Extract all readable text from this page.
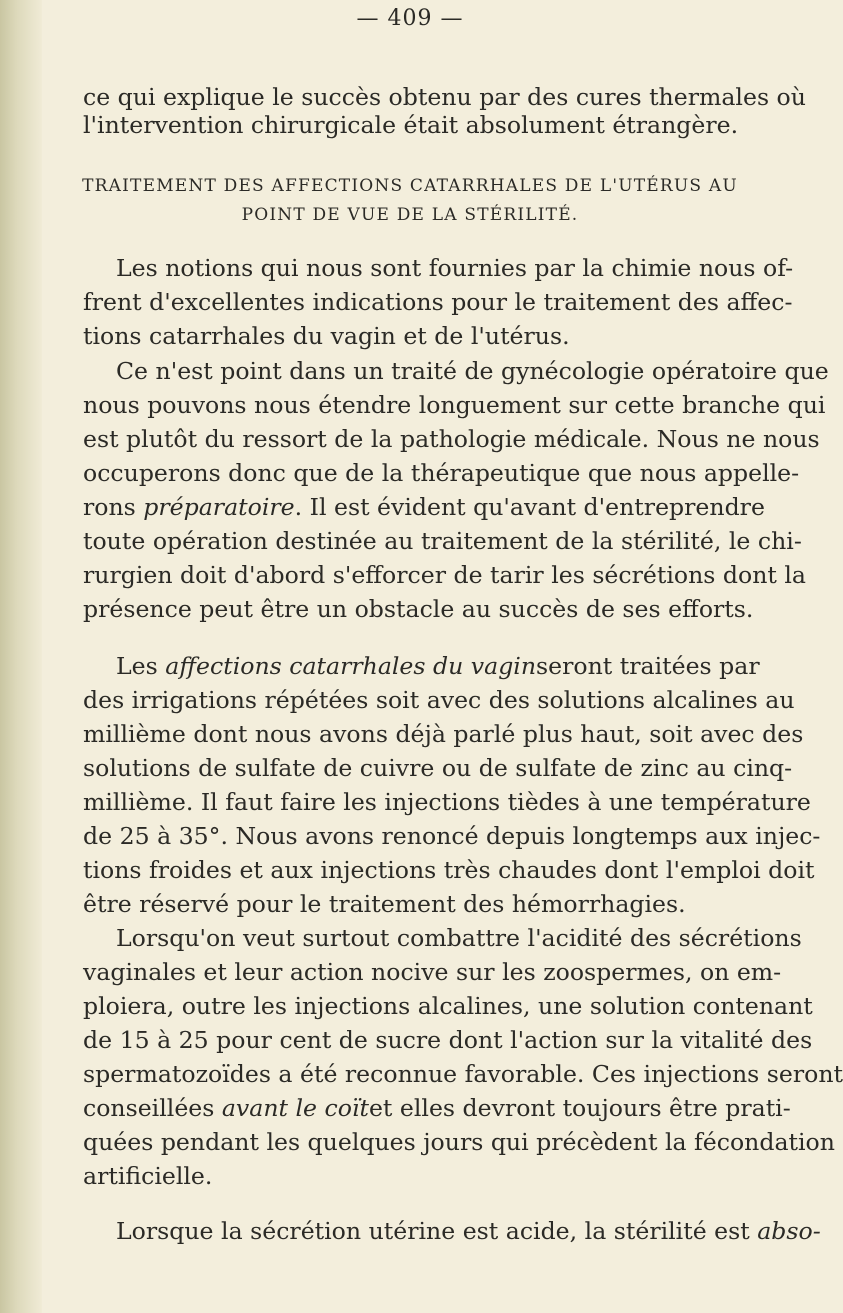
— 409 —
ce qui explique le succès obtenu par des cures thermales où
l'intervention chirurgicale était absolument étrangère.
TRAITEMENT DES AFFECTIONS CATARRHALES DE L'UTÉRUS AU
POINT DE VUE DE LA STÉRILITÉ.
Les notions qui nous sont fournies par la chimie nous of-
frent d'excellentes indications pour le traitement des affec-
tions catarrhales du vagin et de l'utérus.
Ce n'est point dans un traité de gynécologie opératoire que
nous pouvons nous étendre longuement sur cette branche qui
est plutôt du ressort de la pathologie médicale. Nous ne nous
occuperons donc que de la thérapeutique que nous appelle-
rons préparatoire . Il est évident qu'avant d'entreprendre
toute opération destinée au traitement de la stérilité, le chi-
rurgien doit d'abord s'efforcer de tarir les sécrétions dont la
présence peut être un obstacle au succès de ses efforts.
Les affections catarrhales du vagin seront traitées par
des irrigations répétées soit avec des solutions alcalines au
millième dont nous avons déjà parlé plus haut, soit avec des
solutions de sulfate de cuivre ou de sulfate de zinc au cinq-
millième. Il faut faire les injections tièdes à une température
de 25 à 35°. Nous avons renoncé depuis longtemps aux injec-
tions froides et aux injections très chaudes dont l'emploi doit
être réservé pour le traitement des hémorrhagies.
Lorsqu'on veut surtout combattre l'acidité des sécrétions
vaginales et leur action nocive sur les zoospermes, on em-
ploiera, outre les injections alcalines, une solution contenant
de 15 à 25 pour cent de sucre dont l'action sur la vitalité des
spermatozoïdes a été reconnue favorable. Ces injections seront
conseillées avant le coït et elles devront toujours être prati-
quées pendant les quelques jours qui précèdent la fécondation
artificielle.
Lorsque la sécrétion utérine est acide, la stérilité est abso-
